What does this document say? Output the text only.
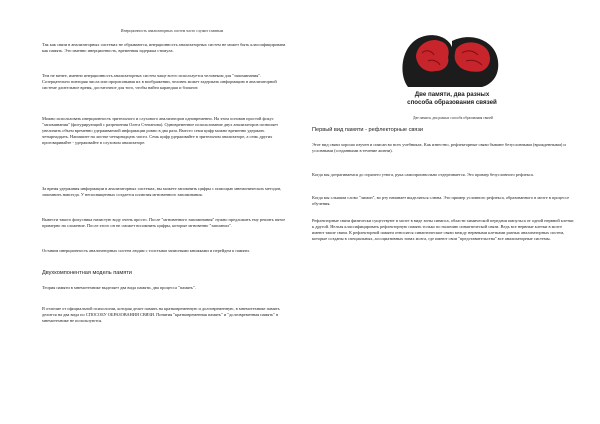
Инерционность анализаторных систем часто служит главным

Так как связи в анализаторных системах не обрываются, инерционность анализаторных систем не может быть классифицирована как память. Это именно инерционность, временная задержка стимула.

Тем не менее, именно инерционность анализаторных систем чаще всего используется человеком для "запоминания". Созерцательно повторяя числа или прорисовывая их в воображении, человек может задержать информацию в анализаторной системе длительное время, достаточное для того, чтобы найти карандаш и блокнот.

Можно использовать инерционность зрительного и слухового анализаторов одновременно. На этом основан простой фокус "запоминания" (фигурирующий с разрешения Олега Степанова). Одновременное использование двух анализаторов позволяет увеличить объем временно удерживаемой информации ровно в два раза. Вместо семи цифр можно временно удержать четырнадцать. Напишите на листке четырнадцать чисел. Семь цифр удерживайте в зрительном анализаторе, а семь других проговаривайте - удерживайте в слуховом анализаторе.

За время удержания информации в анализаторных системах, вы можете запомнить цифры с помощью мнемонических методов, запомнить навсегда. У непосвященных создается иллюзия мгновенного запоминания.

Вывести такого фокусника начистую воду очень просто. После "мгновенного запоминания" нужно предложить ему решить пятое примерно на сложение. После этого он не сможет вспомнить цифры, которые мгновенно "запомнил".

Оставим инерционность анализаторных систем людям с толстыми записными книжками и перейдем к памяти.

Двухкомпонентная модель памяти

Теория памяти в мнемотехнике выделяет два вида памяти, два процесса "память".

В отличие от официальной психологии, которая делит память на кратковременную и долговременную, в мнемотехнике память делится на два вида по СПОСОБУ ОБРАЗОВАНИЯ СВЯЗИ. Понятия "кратковременная память" и "долговременная память" в мнемотехнике не используются.

Две памяти, два разных
способа образования связей
Две памяти, два разных способа образования связей

Первый вид памяти - рефлекторные связи

Этот вид связи хорошо изучен и описан во всех учебниках. Как известно, рефлекторные связи бывают безусловными (врожденными) и условными (созданными в течение жизни).

Когда мы дотрагиваемся до горячего утюга, рука самопроизвольно отдергивается. Это пример безусловного рефлекса.

Когда мы слышим слово "лимон", во рту начинает выделяться слюна. Это пример условного рефлекса, образованного в мозге в процессе обучения.

Рефлекторные связи физически существуют в мозге в виде зоны синапса, области химической передачи импульса от одной нервной клетки к другой. Нельзя классифицировать рефлекторную память только по наличию синаптической связи. Ведь все нервные клетки в мозге имеют такие связи. К рефлекторной памяти относятся синаптические связи между нервными клетками разных анализаторных систем, которые созданы в специальных, ассоциативных зонах мозга, где имеют свои "представительства" все анализаторные системы.
